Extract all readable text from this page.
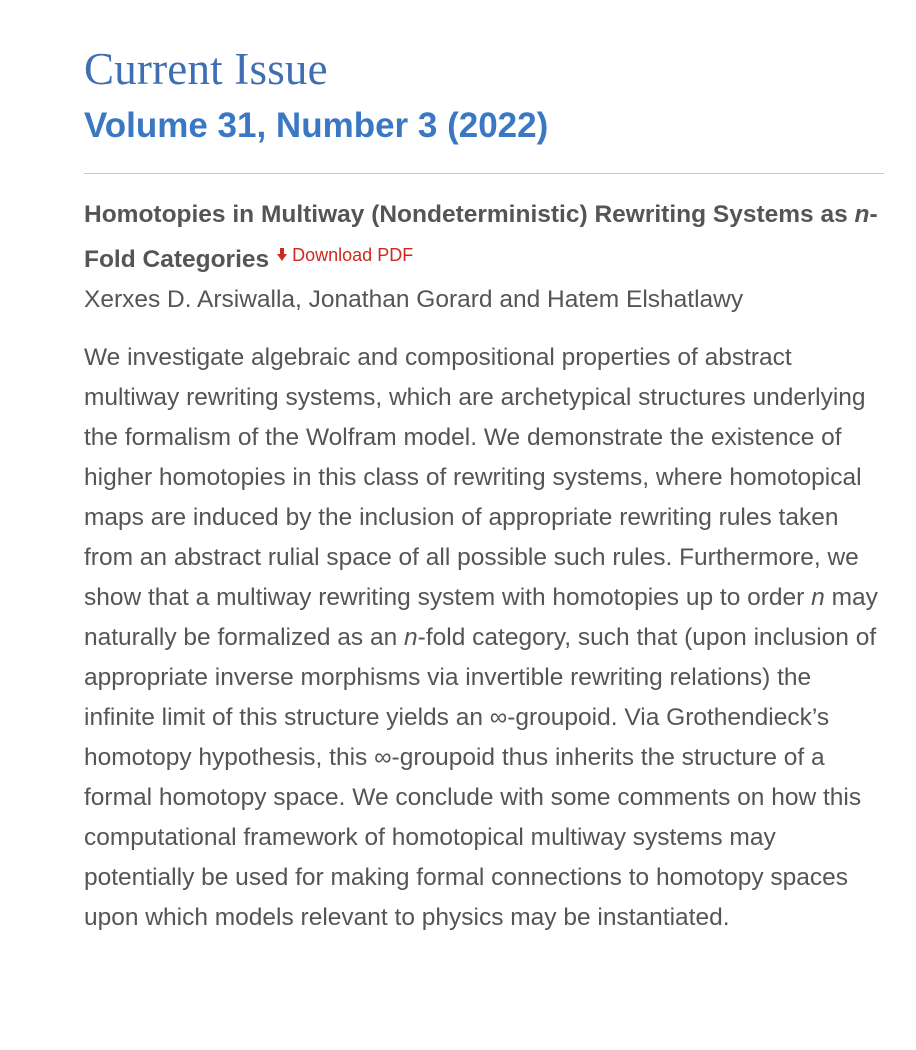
Current Issue
Volume 31, Number 3 (2022)
Homotopies in Multiway (Nondeterministic) Rewriting Systems as n-Fold Categories Download PDF

Xerxes D. Arsiwalla, Jonathan Gorard and Hatem Elshatlawy

We investigate algebraic and compositional properties of abstract multiway rewriting systems, which are archetypical structures underlying the formalism of the Wolfram model. We demonstrate the existence of higher homotopies in this class of rewriting systems, where homotopical maps are induced by the inclusion of appropriate rewriting rules taken from an abstract rulial space of all possible such rules. Furthermore, we show that a multiway rewriting system with homotopies up to order n may naturally be formalized as an n-fold category, such that (upon inclusion of appropriate inverse morphisms via invertible rewriting relations) the infinite limit of this structure yields an ∞-groupoid. Via Grothendieck’s homotopy hypothesis, this ∞-groupoid thus inherits the structure of a formal homotopy space. We conclude with some comments on how this computational framework of homotopical multiway systems may potentially be used for making formal connections to homotopy spaces upon which models relevant to physics may be instantiated.
